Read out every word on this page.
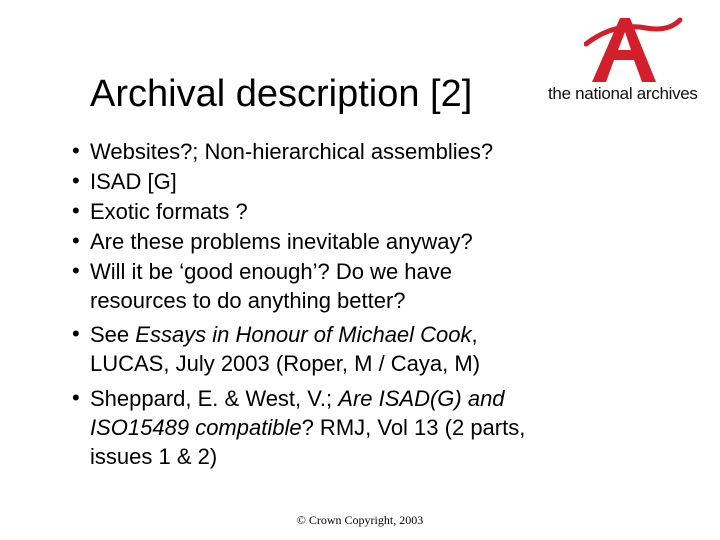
Archival description [2]	the national archives
• Websites?; Non-hierarchical assemblies?
• ISAD [G]
• Exotic formats ?
• Are these problems inevitable anyway?
• Will it be ‘good enough’? Do we have
resources to do anything better?
• See Essays in Honour of Michael Cook,
LUCAS, July 2003 (Roper, M / Caya, M)
• Sheppard, E. & West, V.; Are ISAD(G) and
ISO15489 compatible? RMJ, Vol 13 (2 parts,
issues 1 & 2)
© Crown Copyright, 2003
